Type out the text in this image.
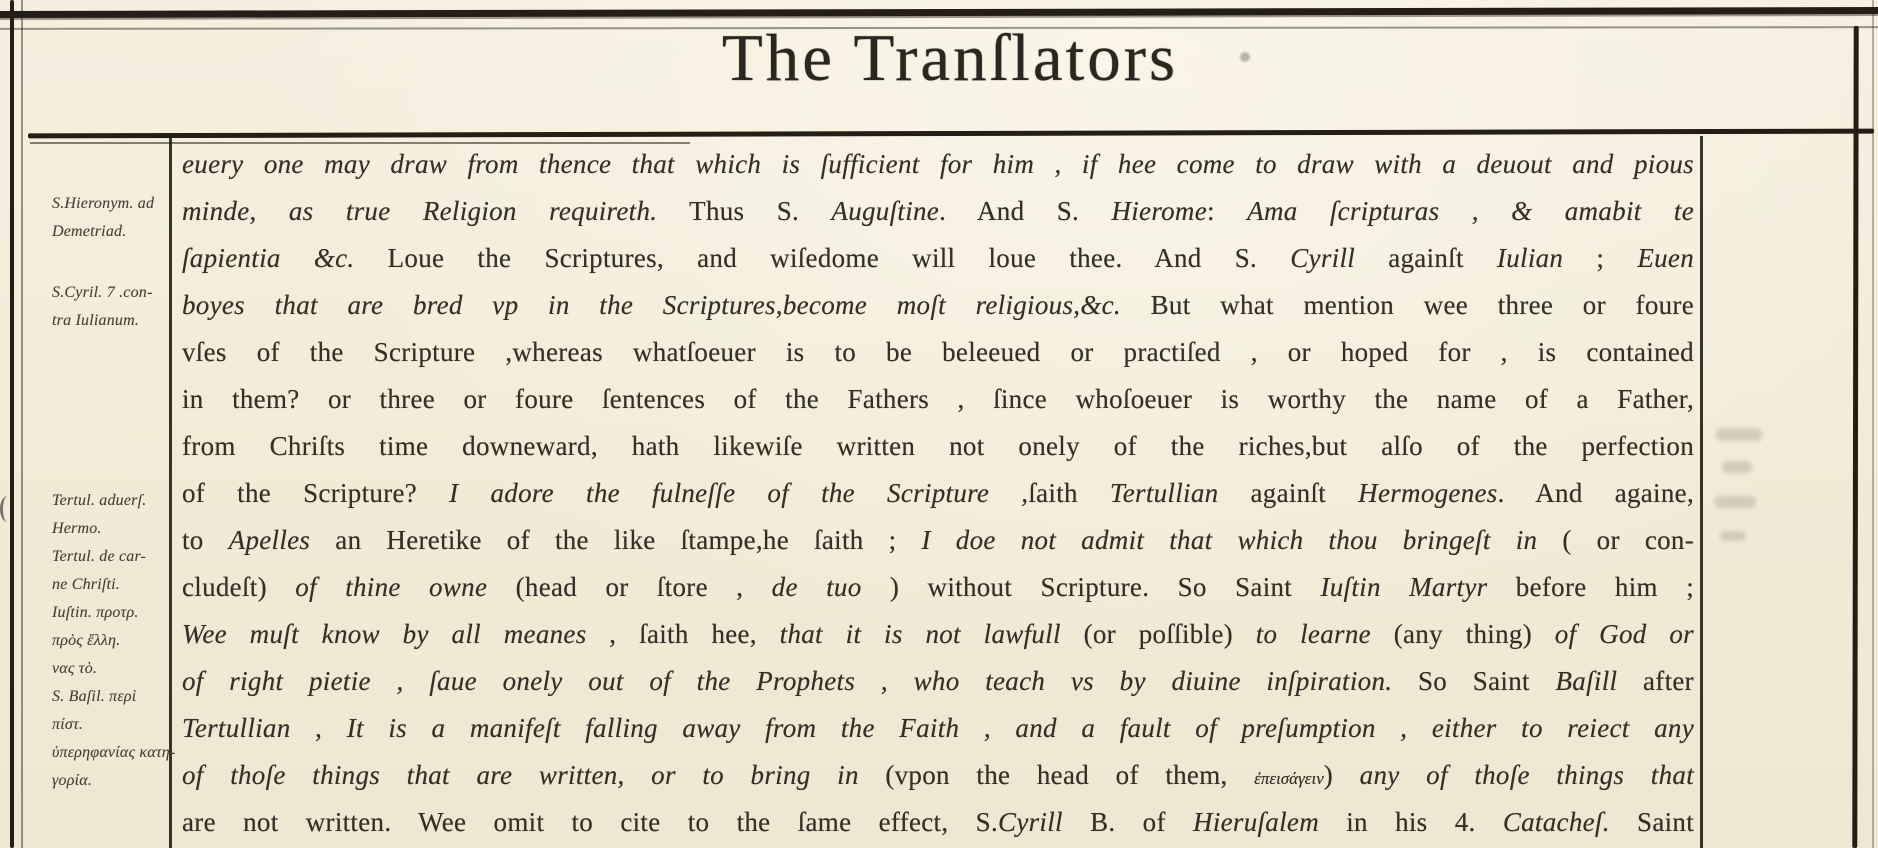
The Tranſlators
S.Hieronym. ad
Demetriad.
S.Cyril. 7 .con-
tra Iulianum.
Tertul. aduerſ.
Hermo.
Tertul. de car-
ne Chriſti.
Iuſtin. προτρ.
πρὸς ἕλλη.
νας τὸ.
S. Baſil. περὶ
πίστ.
ὑπερηφανίας κατη-
γορία.
euery one may draw from thence that which is ſufficient for him , if hee come to draw with a deuout and pious
minde, as true Religion requireth. Thus S. Auguſtine. And S. Hierome: Ama ſcripturas , & amabit te
ſapientia &c. Loue the Scriptures, and wiſedome will loue thee. And S. Cyrill againſt Iulian ; Euen
boyes that are bred vp in the Scriptures,become moſt religious,&c. But what mention wee three or foure
vſes of the Scripture ,whereas whatſoeuer is to be beleeued or practiſed , or hoped for , is contained
in them? or three or foure ſentences of the Fathers , ſince whoſoeuer is worthy the name of a Father,
from Chriſts time downeward, hath likewiſe written not onely of the riches,but alſo of the perfection
of the Scripture? I adore the fulneſſe of the Scripture ,ſaith Tertullian againſt Hermogenes. And againe,
to Apelles an Heretike of the like ſtampe,he ſaith ; I doe not admit that which thou bringeſt in ( or con-
cludeſt) of thine owne (head or ſtore , de tuo ) without Scripture. So Saint Iuſtin Martyr before him ;
Wee muſt know by all meanes , ſaith hee, that it is not lawfull (or poſſible) to learne (any thing) of God or
of right pietie , ſaue onely out of the Prophets , who teach vs by diuine inſpiration. So Saint Baſill after
Tertullian , It is a manifeſt falling away from the Faith , and a fault of preſumption , either to reiect any
of thoſe things that are written, or to bring in (vpon the head of them, ἐπεισάγειν) any of thoſe things that
are not written. Wee omit to cite to the ſame effect, S.Cyrill B. of Hieruſalem in his 4. Catacheſ. Saint
